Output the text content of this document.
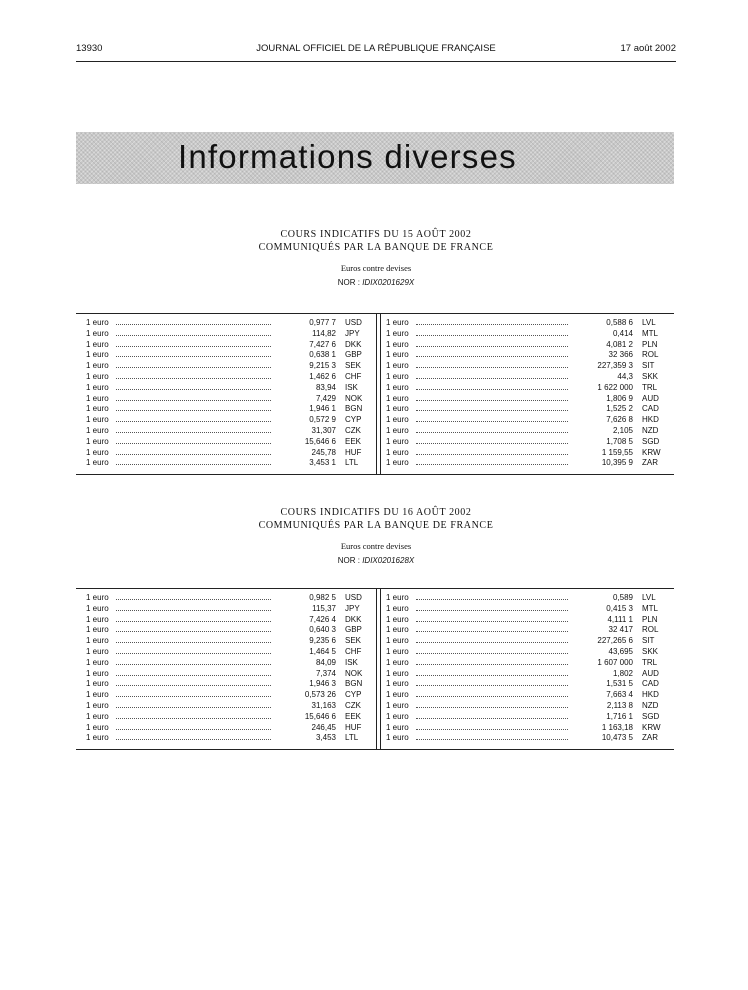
13930	JOURNAL OFFICIEL DE LA RÉPUBLIQUE FRANÇAISE	17 août 2002
Informations diverses
COURS INDICATIFS DU 15 AOÛT 2002
COMMUNIQUÉS PAR LA BANQUE DE FRANCE
Euros contre devises
NOR : IDIX0201629X
1 euro	0,977 7	USD
1 euro	114,82	JPY
1 euro	7,427 6	DKK
1 euro	0,638 1	GBP
1 euro	9,215 3	SEK
1 euro	1,462 6	CHF
1 euro	83,94	ISK
1 euro	7,429	NOK
1 euro	1,946 1	BGN
1 euro	0,572 9	CYP
1 euro	31,307	CZK
1 euro	15,646 6	EEK
1 euro	245,78	HUF
1 euro	3,453 1	LTL
1 euro	0,588 6	LVL
1 euro	0,414	MTL
1 euro	4,081 2	PLN
1 euro	32 366	ROL
1 euro	227,359 3	SIT
1 euro	44,3	SKK
1 euro	1 622 000	TRL
1 euro	1,806 9	AUD
1 euro	1,525 2	CAD
1 euro	7,626 8	HKD
1 euro	2,105	NZD
1 euro	1,708 5	SGD
1 euro	1 159,55	KRW
1 euro	10,395 9	ZAR
COURS INDICATIFS DU 16 AOÛT 2002
COMMUNIQUÉS PAR LA BANQUE DE FRANCE
Euros contre devises
NOR : IDIX0201628X
1 euro	0,982 5	USD
1 euro	115,37	JPY
1 euro	7,426 4	DKK
1 euro	0,640 3	GBP
1 euro	9,235 6	SEK
1 euro	1,464 5	CHF
1 euro	84,09	ISK
1 euro	7,374	NOK
1 euro	1,946 3	BGN
1 euro	0,573 26	CYP
1 euro	31,163	CZK
1 euro	15,646 6	EEK
1 euro	246,45	HUF
1 euro	3,453	LTL
1 euro	0,589	LVL
1 euro	0,415 3	MTL
1 euro	4,111 1	PLN
1 euro	32 417	ROL
1 euro	227,265 6	SIT
1 euro	43,695	SKK
1 euro	1 607 000	TRL
1 euro	1,802	AUD
1 euro	1,531 5	CAD
1 euro	7,663 4	HKD
1 euro	2,113 8	NZD
1 euro	1,716 1	SGD
1 euro	1 163,18	KRW
1 euro	10,473 5	ZAR
